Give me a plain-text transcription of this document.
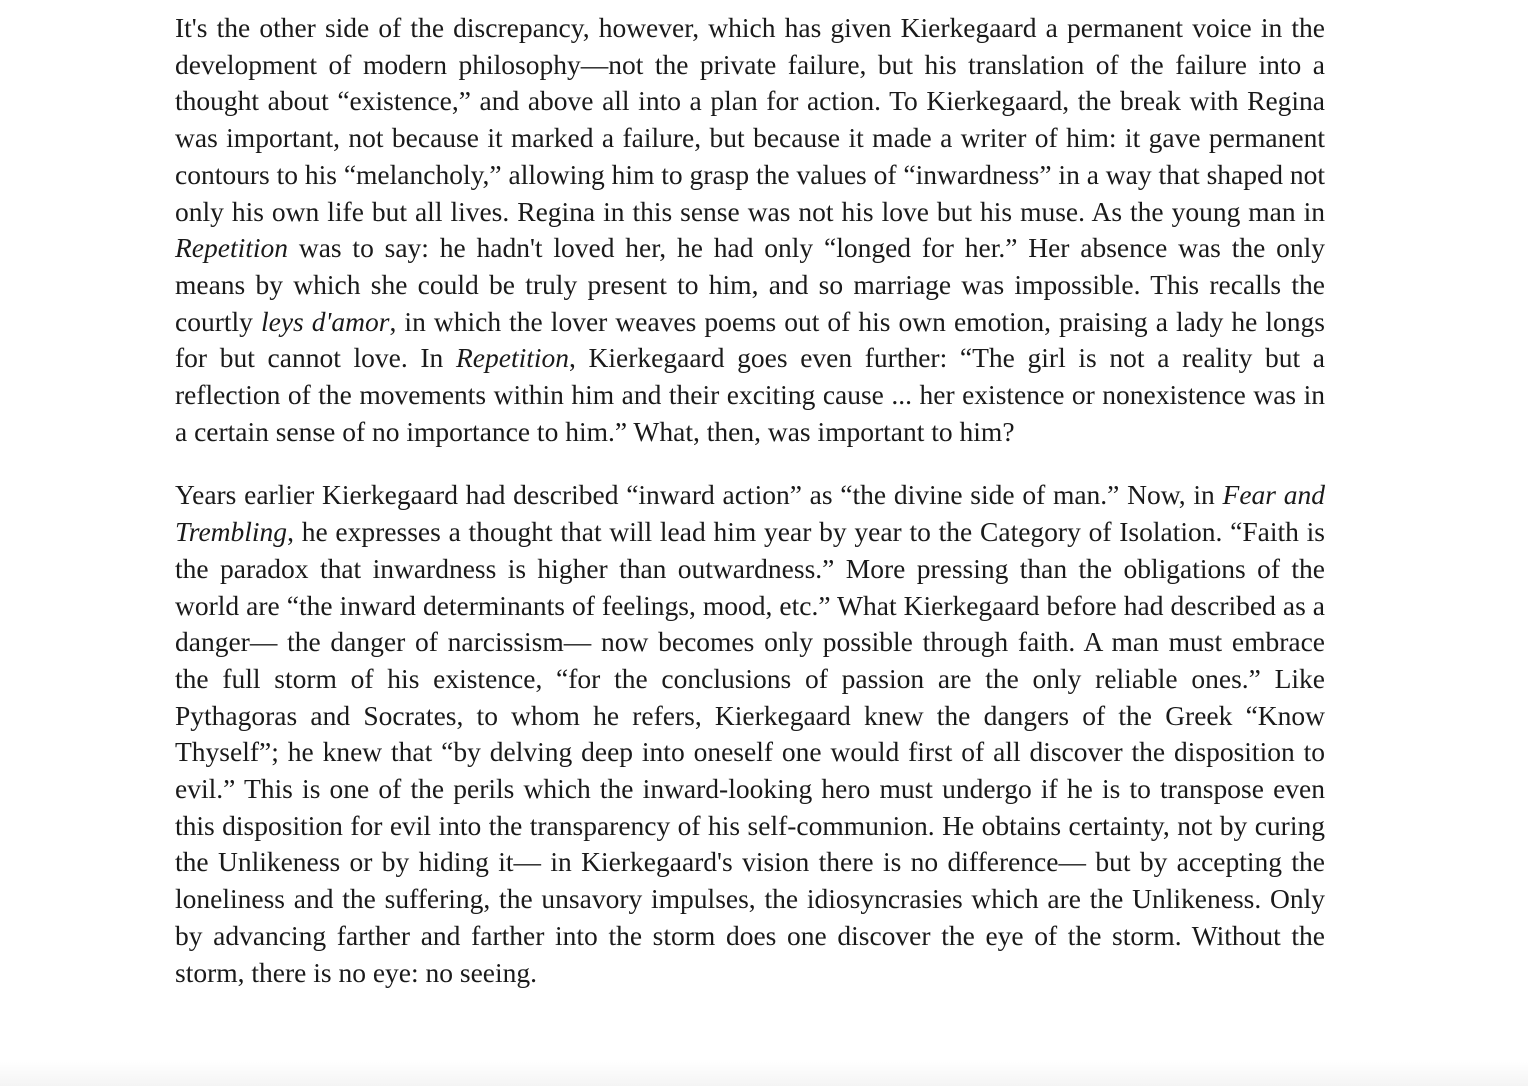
It's the other side of the discrepancy, however, which has given Kierkegaard a permanent voice in the development of modern philosophy—not the private failure, but his translation of the failure into a thought about “existence,” and above all into a plan for action. To Kierkegaard, the break with Regina was important, not because it marked a failure, but because it made a writer of him: it gave permanent contours to his “melancholy,” allowing him to grasp the values of “inwardness” in a way that shaped not only his own life but all lives. Regina in this sense was not his love but his muse. As the young man in Repetition was to say: he hadn't loved her, he had only “longed for her.” Her absence was the only means by which she could be truly present to him, and so marriage was impossible. This recalls the courtly leys d'amor, in which the lover weaves poems out of his own emotion, praising a lady he longs for but cannot love. In Repetition, Kierkegaard goes even further: “The girl is not a reality but a reflection of the movements within him and their exciting cause ... her existence or nonexistence was in a certain sense of no importance to him.” What, then, was important to him?

Years earlier Kierkegaard had described “inward action” as “the divine side of man.” Now, in Fear and Trembling, he expresses a thought that will lead him year by year to the Category of Isolation. “Faith is the paradox that inwardness is higher than outwardness.” More pressing than the obligations of the world are “the inward determinants of feelings, mood, etc.” What Kierkegaard before had described as a danger— the danger of narcissism— now becomes only possible through faith. A man must embrace the full storm of his existence, “for the conclusions of passion are the only reliable ones.” Like Pythagoras and Socrates, to whom he refers, Kierkegaard knew the dangers of the Greek “Know Thyself”; he knew that “by delving deep into oneself one would first of all discover the disposition to evil.” This is one of the perils which the inward-looking hero must undergo if he is to transpose even this disposition for evil into the transparency of his self-communion. He obtains certainty, not by curing the Unlikeness or by hiding it— in Kierkegaard's vision there is no difference— but by accepting the loneliness and the suffering, the unsavory impulses, the idiosyncrasies which are the Unlikeness. Only by advancing farther and farther into the storm does one discover the eye of the storm. Without the storm, there is no eye: no seeing.
